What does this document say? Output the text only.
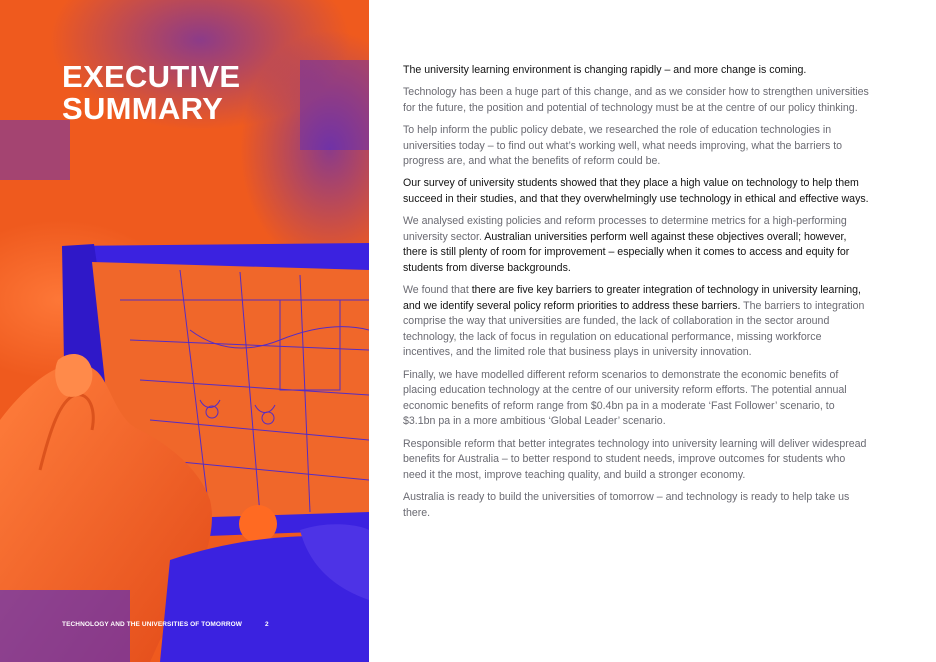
EXECUTIVE
SUMMARY
TECHNOLOGY AND THE UNIVERSITIES OF TOMORROW	2

The university learning environment is changing rapidly – and more change is coming.

Technology has been a huge part of this change, and as we consider how to strengthen universities for the future, the position and potential of technology must be at the centre of our policy thinking.

To help inform the public policy debate, we researched the role of education technologies in universities today – to find out what’s working well, what needs improving, what the barriers to progress are, and what the benefits of reform could be.

Our survey of university students showed that they place a high value on technology to help them succeed in their studies, and that they overwhelmingly use technology in ethical and effective ways.

We analysed existing policies and reform processes to determine metrics for a high-performing university sector. Australian universities perform well against these objectives overall; however, there is still plenty of room for improvement – especially when it comes to access and equity for students from diverse backgrounds.

We found that there are five key barriers to greater integration of technology in university learning, and we identify several policy reform priorities to address these barriers. The barriers to integration comprise the way that universities are funded, the lack of collaboration in the sector around technology, the lack of focus in regulation on educational performance, missing workforce incentives, and the limited role that business plays in university innovation.

Finally, we have modelled different reform scenarios to demonstrate the economic benefits of placing education technology at the centre of our university reform efforts. The potential annual economic benefits of reform range from $0.4bn pa in a moderate ‘Fast Follower’ scenario, to $3.1bn pa in a more ambitious ‘Global Leader’ scenario.

Responsible reform that better integrates technology into university learning will deliver widespread benefits for Australia – to better respond to student needs, improve outcomes for students who need it the most, improve teaching quality, and build a stronger economy.

Australia is ready to build the universities of tomorrow – and technology is ready to help take us there.
